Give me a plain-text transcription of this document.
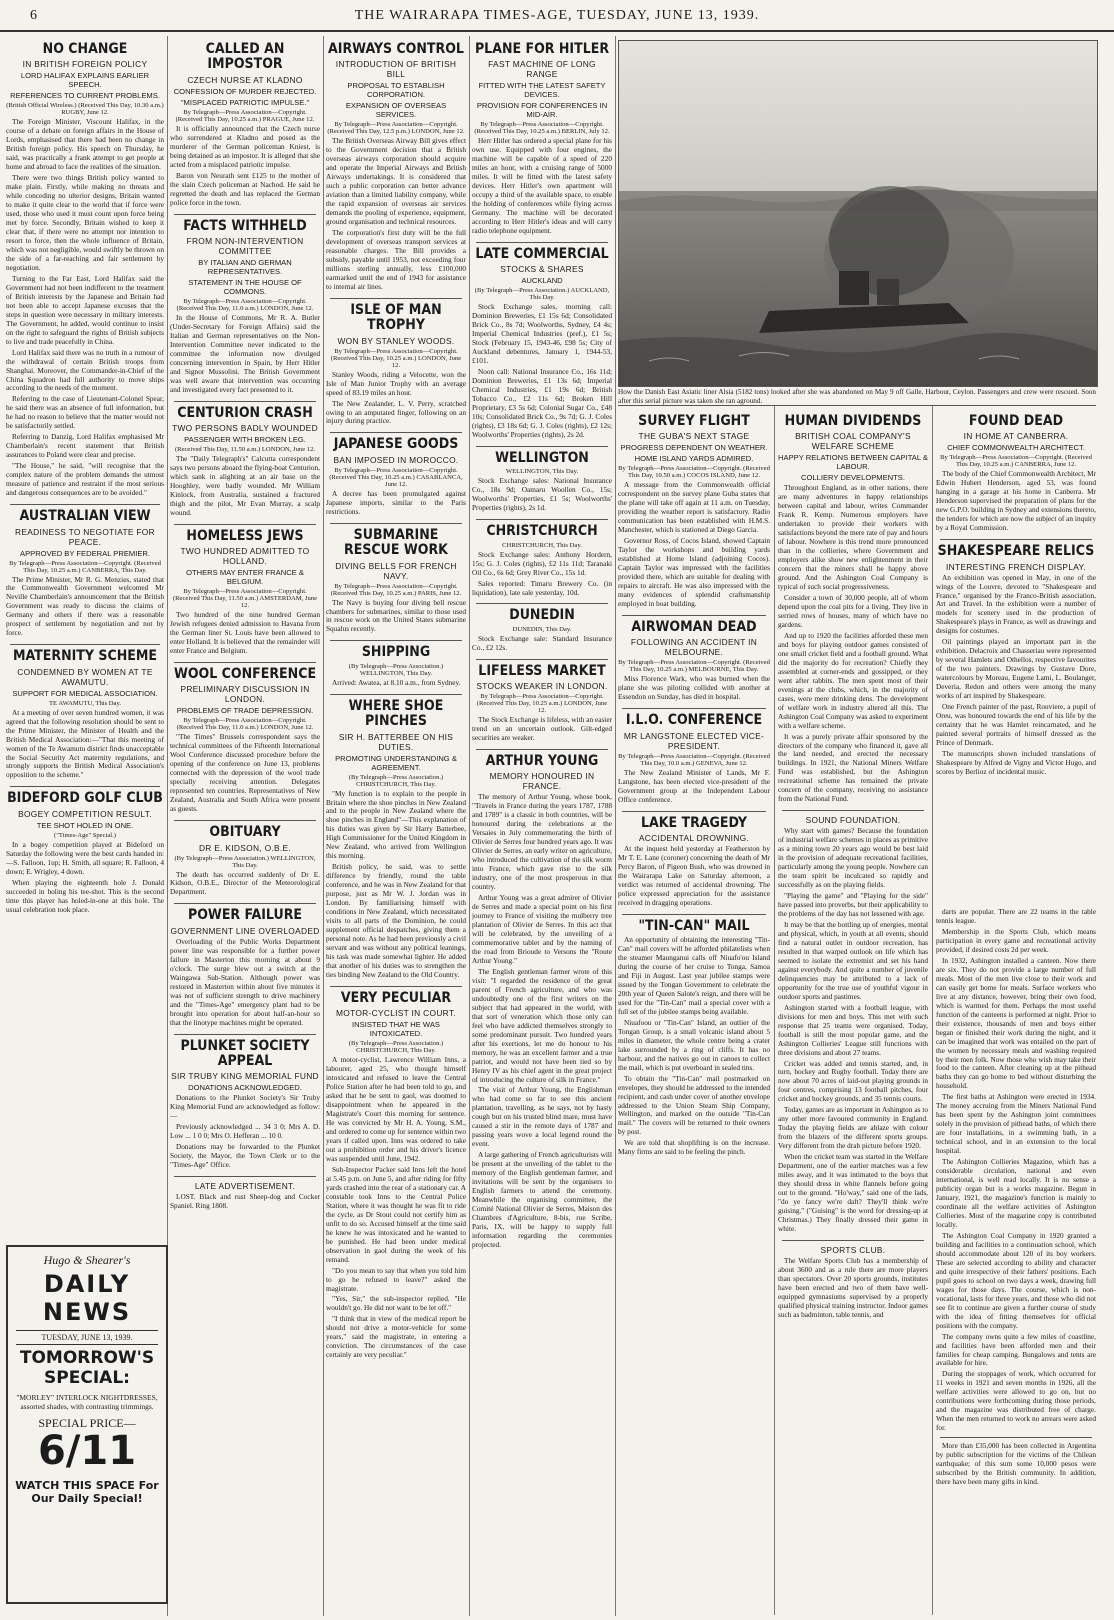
6	THE WAIRARAPA TIMES-AGE, TUESDAY, JUNE 13, 1939.
NO CHANGE
IN BRITISH FOREIGN POLICY
LORD HALIFAX EXPLAINS EARLIER SPEECH.
REFERENCES TO CURRENT PROBLEMS.
(British Official Wireless.) (Received This Day, 10.30 a.m.) RUGBY, June 12.

The Foreign Minister, Viscount Halifax, in the course of a debate on foreign affairs in the House of Lords, emphasised that there had been no change in British foreign policy. His speech on Thursday, he said, was practically a frank attempt to get people at home and abroad to face the realities of the situation.

There were two things British policy wanted to make plain. Firstly, while making no threats and while conceding no ulterior designs, Britain wanted to make it quite clear to the world that if force were used, those who used it must count upon force being met by force. Secondly, Britain wished to keep it clear that, if there were no attempt nor intention to resort to force, then the whole influence of Britain, which was not negligible, would swiftly be thrown on the side of a far-reaching and fair settlement by negotiation.

Turning to the Far East, Lord Halifax said the Government had not been indifferent to the treatment of British interests by the Japanese and Britain had not been able to accept Japanese excuses that the steps in question were necessary in military interests. The Government, he added, would continue to insist on the right to safeguard the rights of British subjects to live and trade peacefully in China.

Lord Halifax said there was no truth in a rumour of the withdrawal of certain British troops from Shanghai. Moreover, the Commander-in-Chief of the China Squadron had full authority to move ships according to the needs of the moment.

Referring to the case of Lieutenant-Colonel Spear, he said there was an absence of full information, but he had no reason to believe that the matter would not be satisfactorily settled.

Referring to Danzig, Lord Halifax emphasised Mr Chamberlain's recent statement that British assurances to Poland were clear and precise.

"The House," he said, "will recognise that the complex nature of the problem demands the utmost measure of patience and restraint if the most serious and dangerous consequences are to be avoided."

AUSTRALIAN VIEW
READINESS TO NEGOTIATE FOR PEACE.
APPROVED BY FEDERAL PREMIER.
By Telegraph—Press Association—Copyright. (Received This Day, 10.25 a.m.) CANBERRA, This Day.

The Prime Minister, Mr R. G. Menzies, stated that the Commonwealth Government welcomed Mr Neville Chamberlain's announcement that the British Government was ready to discuss the claims of Germany and others if there was a reasonable prospect of settlement by negotiation and not by force.

MATERNITY SCHEME
CONDEMNED BY WOMEN AT TE AWAMUTU.
SUPPORT FOR MEDICAL ASSOCIATION.
TE AWAMUTU, This Day.

At a meeting of over seven hundred women, it was agreed that the following resolution should be sent to the Prime Minister, the Minister of Health and the British Medical Association:—"That this meeting of women of the Te Awamutu district finds unacceptable the Social Security Act maternity regulations, and strongly supports the British Medical Association's opposition to the scheme."

BIDEFORD GOLF CLUB
BOGEY COMPETITION RESULT.
TEE SHOT HOLED IN ONE.
("Times-Age" Special.)

In a bogey competition played at Bideford on Saturday the following were the best cards handed in:—S. Falloon, 1up; H. Smith, all square; R. Falloon, 4 down; E. Wrigley, 4 down.

When playing the eighteenth hole J. Donald succeeded in holing his tee-shot. This is the second time this player has holed-in-one at this hole. The usual celebration took place.

CALLED AN IMPOSTOR
CZECH NURSE AT KLADNO
CONFESSION OF MURDER REJECTED.
"MISPLACED PATRIOTIC IMPULSE."
By Telegraph—Press Association—Copyright. (Received This Day, 10.25 a.m.) PRAGUE, June 12.

It is officially announced that the Czech nurse who surrendered at Kladno and posed as the murderer of the German policeman Kniest, is being detained as an impostor. It is alleged that she acted from a misplaced patriotic impulse.

Baron von Neurath sent £125 to the mother of the slain Czech policeman at Nachod. He said he regretted the death and has replaced the German police force in the town.

FACTS WITHHELD
FROM NON-INTERVENTION COMMITTEE
BY ITALIAN AND GERMAN REPRESENTATIVES.
STATEMENT IN THE HOUSE OF COMMONS.
By Telegraph—Press Association—Copyright. (Received This Day, 11.0 a.m.) LONDON, June 12.

In the House of Commons, Mr R. A. Butler (Under-Secretary for Foreign Affairs) said the Italian and German representatives on the Non-Intervention Committee never indicated to the committee the information now divulged concerning intervention in Spain, by Herr Hitler and Signor Mussolini. The British Government was well aware that intervention was occurring and investigated every fact presented to it.

CENTURION CRASH
TWO PERSONS BADLY WOUNDED
PASSENGER WITH BROKEN LEG.
(Received This Day, 11.50 a.m.) LONDON, June 12.

The "Daily Telegraph's" Calcutta correspondent says two persons aboard the flying-boat Centurion, which sank in alighting at an air base on the Hooghley, were badly wounded. Mr William Kinlock, from Australia, sustained a fractured thigh and the pilot, Mr Evan Murray, a scalp wound.

HOMELESS JEWS
TWO HUNDRED ADMITTED TO HOLLAND.
OTHERS MAY ENTER FRANCE & BELGIUM.
By Telegraph—Press Association—Copyright. (Received This Day, 11.50 a.m.) AMSTERDAM, June 12.

Two hundred of the nine hundred German Jewish refugees denied admission to Havana from the German liner St. Louis have been allowed to enter Holland. It is believed that the remainder will enter France and Belgium.

WOOL CONFERENCE
PRELIMINARY DISCUSSION IN LONDON.
PROBLEMS OF TRADE DEPRESSION.
By Telegraph—Press Association—Copyright. (Received This Day, 11.0 a.m.) LONDON, June 12.

"The Times" Brussels correspondent says the technical committees of the Fifteenth International Wool Conference discussed procedure before the opening of the conference on June 13, problems connected with the depression of the wool trade specially receiving attention. Delegates represented ten countries. Representatives of New Zealand, Australia and South Africa were present as guests.

OBITUARY
DR E. KIDSON, O.B.E.
(By Telegraph—Press Association.) WELLINGTON, This Day.

The death has occurred suddenly of Dr E. Kidson, O.B.E., Director of the Meteorological Department.

POWER FAILURE
GOVERNMENT LINE OVERLOADED

Overloading of the Public Works Department power line was responsible for a further power failure in Masterton this morning at about 9 o'clock. The surge blew out a switch at the Waingawa Sub-Station. Although power was restored in Masterton within about five minutes it was not of sufficient strength to drive machinery and the "Times-Age" emergency plant had to be brought into operation for about half-an-hour so that the linotype machines might be operated.

PLUNKET SOCIETY APPEAL
SIR TRUBY KING MEMORIAL FUND
DONATIONS ACKNOWLEDGED.

Donations to the Plunket Society's Sir Truby King Memorial Fund are acknowledged as follow:—

Previously acknowledged ... 34 3 0; Mrs A. D. Low ... 1 0 0; Mrs O. Hefferan ... 10 0.

Donations may be forwarded to the Plunket Society, the Mayor, the Town Clerk or to the "Times-Age" Office.

LATE ADVERTISEMENT.

LOST. Black and rust Sheep-dog and Cocker Spaniel. Ring 1808.

AIRWAYS CONTROL
INTRODUCTION OF BRITISH BILL
PROPOSAL TO ESTABLISH CORPORATION.
EXPANSION OF OVERSEAS SERVICES.
By Telegraph—Press Association—Copyright. (Received This Day, 12.5 p.m.) LONDON, June 12.

The British Overseas Airway Bill gives effect to the Government decision that a British overseas airways corporation should acquire and operate the Imperial Airways and British Airways undertakings. It is considered that such a public corporation can better advance aviation than a limited liability company, while the rapid expansion of overseas air services demands the pooling of experience, equipment, ground organisation and technical resources.

The corporation's first duty will be the full development of overseas transport services at reasonable charges. The Bill provides a subsidy, payable until 1953, not exceeding four millions sterling annually, less £100,000 earmarked until the end of 1943 for assistance to internal air lines.

ISLE OF MAN TROPHY
WON BY STANLEY WOODS.
By Telegraph—Press Association—Copyright. (Received This Day, 10.25 a.m.) LONDON, June 12.

Stanley Woods, riding a Velocette, won the Isle of Man Junior Trophy with an average speed of 83.19 miles an hour.

The New Zealander, L. V. Perry, scratched owing to an amputated finger, following on an injury during practice.

JAPANESE GOODS
BAN IMPOSED IN MOROCCO.
By Telegraph—Press Association—Copyright. (Received This Day, 10.25 a.m.) CASABLANCA, June 12.

A decree has been promulgated against Japanese imports, similar to the Paris restrictions.

SUBMARINE RESCUE WORK
DIVING BELLS FOR FRENCH NAVY.
By Telegraph—Press Association—Copyright. (Received This Day, 10.25 a.m.) PARIS, June 12.

The Navy is buying four diving bell rescue chambers for submarines, similar to those used in rescue work on the United States submarine Squalus recently.

SHIPPING
(By Telegraph—Press Association.) WELLINGTON, This Day.

Arrived: Awatea, at 8.10 a.m., from Sydney.

WHERE SHOE PINCHES
SIR H. BATTERBEE ON HIS DUTIES.
PROMOTING UNDERSTANDING & AGREEMENT.
(By Telegraph—Press Association.) CHRISTCHURCH, This Day.

"My function is to explain to the people in Britain where the shoe pinches in New Zealand and to the people in New Zealand where the shoe pinches in England"—This explanation of his duties was given by Sir Harry Batterbee, High Commissioner for the United Kingdom in New Zealand, who arrived from Wellington this morning.

British policy, he said, was to settle difference by friendly, round the table conference, and he was in New Zealand for that purpose, just as Mr W. J. Jordan was in London. By familiarising himself with conditions in New Zealand, which necessitated visits to all parts of the Dominion, he could supplement official despatches, giving them a personal note. As he had been previously a civil servant and was without any political leanings, his task was made somewhat lighter. He added that another of his duties was to strengthen the ties binding New Zealand to the Old Country.

VERY PECULIAR
MOTOR-CYCLIST IN COURT.
INSISTED THAT HE WAS INTOXICATED.
(By Telegraph—Press Association.) CHRISTCHURCH, This Day.

A motor-cyclist, Lawrence William Inns, a labourer, aged 25, who thought himself intoxicated and refused to leave the Central Police Station after he had been told to go, and asked that he be sent to gaol, was doomed to disappointment when he appeared in the Magistrate's Court this morning for sentence. He was convicted by Mr H. A. Young, S.M., and ordered to come up for sentence within two years if called upon. Inns was ordered to take out a prohibition order and his driver's licence was suspended until June, 1942.

Sub-Inspector Packer said Inns left the hotel at 5.45 p.m. on June 5, and after riding for fifty yards crashed into the rear of a stationary car. A constable took Inns to the Central Police Station, where it was thought he was fit to ride the cycle, as Dr Stout could not certify him as unfit to do so. Accused himself at the time said he knew he was intoxicated and he wanted to be punished. He had been under medical observation in gaol during the week of his remand.

"Do you mean to say that when you told him to go he refused to leave?" asked the magistrate.

"Yes, Sir," the sub-inspector replied. "He wouldn't go. He did not want to be let off."

"I think that in view of the medical report he should not drive a motor-vehicle for some years," said the magistrate, in entering a conviction. The circumstances of the case certainly are very peculiar."

PLANE FOR HITLER
FAST MACHINE OF LONG RANGE
FITTED WITH THE LATEST SAFETY DEVICES.
PROVISION FOR CONFERENCES IN MID-AIR.
By Telegraph—Press Association—Copyright. (Received This Day, 10.25 a.m.) BERLIN, July 12.

Herr Hitler has ordered a special plane for his own use. Equipped with four engines, the machine will be capable of a speed of 220 miles an hour, with a cruising range of 5000 miles. It will be fitted with the latest safety devices. Herr Hitler's own apartment will occupy a third of the available space, to enable the holding of conferences while flying across Germany. The machine will be decorated according to Herr Hitler's ideas and will carry radio telephone equipment.

LATE COMMERCIAL
STOCKS & SHARES
AUCKLAND
(By Telegraph—Press Association.) AUCKLAND, This Day.

Stock Exchange sales, morning call: Dominion Breweries, £1 15s 6d; Consolidated Brick Co., 8s 7d; Woolworths, Sydney, £4 4s; Imperial Chemical Industries (pref.), £1 5s; Stock (February 15, 1943-46, £98 5s; City of Auckland debentures, January 1, 1944-53, £101.

Noon call: National Insurance Co., 16s 11d; Dominion Breweries, £1 13s 6d; Imperial Chemical Industries, £1 19s 6d; British Tobacco Co., £2 11s 6d; Broken Hill Proprietary, £3 5s 6d; Colonial Sugar Co., £48 10s; Consolidated Brick Co., 9s 7d; G. J. Coles (rights), £3 18s 6d; G. J. Coles (rights), £2 12s; Woolworths' Properties (rights), 2s 2d.

WELLINGTON
WELLINGTON, This Day.

Stock Exchange sales: National Insurance Co., 18s 9d; Oamaru Woollen Co., 15s; Woolworths' Properties, £1 5s; Woolworths' Properties (rights), 2s 1d.

CHRISTCHURCH
CHRISTCHURCH, This Day.

Stock Exchange sales: Anthony Hordern, 15s; G. J. Coles (rights), £2 11s 11d; Taranaki Oil Co., 6s 6d; Grey River Co., 15s 1d.

Sales reported: Timaru Brewery Co. (in liquidation), late sale yesterday, 10d.

DUNEDIN
DUNEDIN, This Day.

Stock Exchange sale: Standard Insurance Co., £2 12s.

LIFELESS MARKET
STOCKS WEAKER IN LONDON.
By Telegraph—Press Association—Copyright. (Received This Day, 10.25 a.m.) LONDON, June 12.

The Stock Exchange is lifeless, with an easier trend on an uncertain outlook. Gilt-edged securities are weaker.

ARTHUR YOUNG
MEMORY HONOURED IN FRANCE.

The memory of Arthur Young, whose book, "Travels in France during the years 1787, 1788 and 1789" is a classic in both countries, will be honoured during the celebrations at the Versaies in July commemorating the birth of Olivier de Serres four hundred years ago. It was Olivier de Serres, an early writer on agriculture, who introduced the cultivation of the silk worm into France, which gave rise to the silk industry, one of the most prosperous in that country.

Arthur Young was a great admirer of Olivier de Serres and made a special point on his first journey to France of visiting the mulberry tree plantation of Olivier de Serres. In this act that will be celebrated, by the unveiling of a commemorative tablet and by the naming of the road from Brioude to Versons the "Route Arthur Young."

The English gentleman farmer wrote of this visit: "I regarded the residence of the great parent of French agriculture, and who was undoubtedly one of the first writers on the subject that had appeared in the world, with that sort of veneration which those only can feel who have addicted themselves strongly to some predominant pursuit. Two hundred years after his exertions, let me do honour to his memory, he was an excellent farmer and a true patriot, and would not have been tied so by Henry IV as his chief agent in the great project of introducing the culture of silk in France."

The visit of Arthur Young, the Englishman who had come so far to see this ancient plantation, travelling, as he says, not by hasty cough but on his trusted blind mare, must have caused a stir in the remote days of 1787 and passing years wove a local legend round the event.

A large gathering of French agriculturists will be present at the unveiling of the tablet to the memory of the English gentleman farmer, and invitations will be sent by the organisers to English farmers to attend the ceremony. Meanwhile the organising committee, the Comité National Olivier de Serres, Maison des Chambres d'Agriculture, 8-bis, rue Scribe, Paris, IX, will be happy to supply full information regarding the ceremonies projected.

SURVEY FLIGHT
THE GUBA'S NEXT STAGE
PROGRESS DEPENDENT ON WEATHER.
HOME ISLAND YARDS ADMIRED.
By Telegraph—Press Association—Copyright. (Received This Day, 10.50 a.m.) COCOS ISLAND, June 12.

A message from the Commonwealth official correspondent on the survey plane Guba states that the plane will take off again at 11 a.m. on Tuesday, providing the weather report is satisfactory. Radio communication has been established with H.M.S. Manchester, which is stationed at Diego Garcia.

Governor Ross, of Cocos Island, showed Captain Taylor the workshops and building yards established at Home Island (adjoining Cocos). Captain Taylor was impressed with the facilities provided there, which are suitable for dealing with repairs to aircraft. He was also impressed with the many evidences of splendid craftsmanship employed in boat building.

AIRWOMAN DEAD
FOLLOWING AN ACCIDENT IN MELBOURNE.
By Telegraph—Press Association—Copyright. (Received This Day, 10.25 a.m.) MELBOURNE, This Day.

Miss Florence Wark, who was burned when the plane she was piloting collided with another at Essendon on Sunday, has died in hospital.

I.L.O. CONFERENCE
MR LANGSTONE ELECTED VICE-PRESIDENT.
By Telegraph—Press Association—Copyright. (Received This Day, 10.0 a.m.) GENEVA, June 12.

The New Zealand Minister of Lands, Mr F. Langstone, has been elected vice-president of the Government group at the Independent Labour Office conference.

LAKE TRAGEDY
ACCIDENTAL DROWNING.

At the inquest held yesterday at Featherston by Mr T. E. Lane (coroner) concerning the death of Mr Percy Baron, of Pigeon Bush, who was drowned in the Wairarapa Lake on Saturday afternoon, a verdict was returned of accidental drowning. The police expressed appreciation for the assistance received in dragging operations.

"TIN-CAN" MAIL

An opportunity of obtaining the interesting "Tin-Can" mail covers will be afforded philatelists when the steamer Maunganui calls off Niuafo'ou Island during the course of her cruise to Tonga, Samoa and Fiji in August. Last year jubilee stamps were issued by the Tongan Government to celebrate the 20th year of Queen Salote's reign, and there will be used for the "Tin-Can" mail a special cover with a full set of the jubilee stamps being available.

Niuafoou or "Tin-Can" Island, an outlier of the Tongan Group, is a small volcanic island about 5 miles in diameter, the whole centre being a crater lake surrounded by a ring of cliffs. It has no harbour, and the natives go out in canoes to collect the mail, which is put overboard in sealed tins.

To obtain the "Tin-Can" mail postmarked on envelopes, they should be addressed to the intended recipient, and cash under cover of another envelope addressed to the Union Steam Ship Company, Wellington, and marked on the outside "Tin-Can mail." The covers will be returned to their owners by post.

We are told that shoplifting is on the increase. Many firms are said to be feeling the pinch.

HUMAN DIVIDENDS
BRITISH COAL COMPANY'S WELFARE SCHEME
HAPPY RELATIONS BETWEEN CAPITAL & LABOUR.
COLLIERY DEVELOPMENTS.

Throughout England, as in other nations, there are many adventures in happy relationships between capital and labour, writes Commander Frank R. Kemp. Numerous employers have undertaken to provide their workers with satisfactions beyond the mere rate of pay and hours of labour. Nowhere is this trend more pronounced than in the collieries, where Government and employers alike show new enlightenment in their concern that the miners shall be happy above ground. And the Ashington Coal Company is typical of such social progressiveness.

Consider a town of 30,000 people, all of whom depend upon the coal pits for a living. They live in serried rows of houses, many of which have no gardens.

And up to 1920 the facilities afforded these men and boys for playing outdoor games consisted of one small cricket field and a football ground. What did the majority do for recreation? Chiefly they assembled at corner-ends and gossipped, or they went after rabbits. The men spent most of their evenings at the clubs, which, in the majority of cases, were mere drinking dens. The development of welfare work in industry altered all this. The Ashington Coal Company was asked to experiment with a welfare scheme.

It was a purely private affair sponsored by the directors of the company who financed it, gave all the land needed, and erected the necessary buildings. In 1921, the National Miners Welfare Fund was established, but the Ashington recreational scheme has remained the private concern of the company, receiving no assistance from the National Fund.

SOUND FOUNDATION.

Why start with games? Because the foundation of industrial welfare schemes in places as primitive as a mining town 20 years ago would be best laid in the provision of adequate recreational facilities, particularly among the young people. Nowhere can the team spirit be inculcated so rapidly and successfully as on the playing fields.

"Playing the game" and "Playing for the side" have passed into proverbs, but their applicability to the problems of the day has not lessened with age.

It may be that the bottling up of energies, mental and physical, which, in youth at all events, should find a natural outlet in outdoor recreation, has resulted in that warped outlook on life which has seemed to isolate the extremist and set his hand against everybody. And quite a number of juvenile delinquencies may be attributed to a lack of opportunity for the true use of youthful vigour in outdoor sports and pastimes.

Ashington started with a football league, with divisions for men and boys. This met with such response that 25 teams were organised. Today, football is still the most popular game, and the Ashington Collieries' League still functions with three divisions and about 27 teams.

Cricket was added and tennis started, and, in turn, hockey and Rugby football. Today there are now about 70 acres of laid-out playing grounds in four centres, comprising 13 football pitches, four cricket and hockey grounds, and 35 tennis courts.

Today, games are as important in Ashington as to any other more favoured community in England. Today the playing fields are ablaze with colour from the blazers of the different sports groups. Very different from the drab picture before 1920.

When the cricket team was started in the Welfare Department, one of the earlier matches was a few miles away, and it was intimated to the boys that they should dress in white flannels before going out to the ground. "Ho'way," said one of the lads, "do ye fancy we're daft? They'll think we're guising." ("Guising" is the word for dressing-up at Christmas.) They finally dressed their game in white.

SPORTS CLUB.

The Welfare Sports Club has a membership of about 3600 and as a rule there are more players than spectators. Over 20 sports grounds, institutes have been erected and two of them have well-equipped gymnasiums supervised by a properly qualified physical training instructor. Indoor games such as badminton, table tennis, and

FOUND DEAD
IN HOME AT CANBERRA.
CHIEF COMMONWEALTH ARCHITECT.
By Telegraph—Press Association—Copyright. (Received This Day, 10.25 a.m.) CANBERRA, June 12.

The body of the Chief Commonwealth Architect, Mr Edwin Hubert Henderson, aged 53, was found hanging in a garage at his home in Canberra. Mr Henderson supervised the preparation of plans for the new G.P.O. building in Sydney and extensions thereto, the tenders for which are now the subject of an inquiry by a Royal Commission.

SHAKESPEARE RELICS
INTERESTING FRENCH DISPLAY.

An exhibition was opened in May, in one of the wings of the Louvre, devoted to "Shakespeare and France," organised by the Franco-British association, Art and Travel. In the exhibition were a number of models for scenery used in the production of Shakespeare's plays in France, as well as drawings and designs for costumes.

Oil paintings played an important part in the exhibition. Delacroix and Chasseriau were represented by several Hamlets and Othellos, respective favourites of the two painters. Drawings by Gustave Dore, watercolours by Moreau, Eugene Lami, L. Boulanger, Deveria, Redon and others were among the many works of art inspired by Shakespeare.

One French painter of the past, Rouviere, a pupil of Oreu, was honoured towards the end of his life by the certainty that he was Hamlet reincarnated, and he painted several portraits of himself dressed as the Prince of Denmark.

The manuscripts shown included translations of Shakespeare by Alfred de Vigny and Victor Hugo, and scores by Berlioz of incidental music.

darts are popular. There are 22 teams in the table tennis league.

Membership in the Sports Club, which means participation in every game and recreational activity provided, if desired costs 2d per week.

In 1932, Ashington installed a canteen. Now there are six. They do not provide a large number of full meals. Most of the men live close to their work and can easily get home for meals. Surface workers who live at any distance, however, bring their own food, which is warmed for them. Perhaps the most useful function of the canteens is performed at night. Prior to their existence, thousands of men and boys either began or finished their work during the night, and it can be imagined that work was entailed on the part of the women by necessary meals and washing required by their men folk. Now those who wish may take their food to the canteen. After cleaning up at the pithead baths they can go home to bed without disturbing the household.

The first baths at Ashington were erected in 1934. The money accruing from the Miners National Fund has been spent by the Ashington joint committees solely in the provision of pithead baths, of which there are four installations, in a swimming bath, in a technical school, and in an extension to the local hospital.

The Ashington Collieries Magazine, which has a considerable circulation, national and even international, is well read locally. It is no sense a publicity organ but is a works magazine. Begun in January, 1921, the magazine's function is mainly to coordinate all the welfare activities of Ashington Collieries. Most of the magazine copy is contributed locally.

The Ashington Coal Company in 1920 granted a building and facilities to a continuation school, which should accommodate about 120 of its boy workers. These are selected according to ability and character and quite irrespective of their fathers' positions. Each pupil goes to school on two days a week, drawing full wages for those days. The course, which is non-vocational, lasts for three years, and those who did not see fit to continue are given a further course of study with the idea of fitting themselves for official positions with the company.

The company owns quite a few miles of coastline, and facilities have been afforded men and their families for cheap camping. Bungalows and tents are available for hire.

During the stoppages of work, which occurred for 11 weeks in 1921 and seven months in 1926, all the welfare activities were allowed to go on, but no contributions were forthcoming during those periods, and the magazine was distributed free of charge. When the men returned to work no arrears were asked for.

More than £35,000 has been collected in Argentina by public subscription for the victims of the Chilean earthquake; of this sum some 10,000 pesos were subscribed by the British community. In addition, there have been many gifts in kind.

How the Danish East Asiatic liner Alsia (5182 tons) looked after she was abandoned on May 9 off Galle, Harbour, Ceylon. Passengers and crew were rescued. Soon after this serial picture was taken she ran aground.
Hugo & Shearer's
DAILY NEWS
TUESDAY, JUNE 13, 1939.
TOMORROW'S SPECIAL:
"MORLEY" INTERLOCK NIGHTDRESSES, assorted shades, with contrasting trimmings.
SPECIAL PRICE—
6/11
WATCH THIS SPACE For Our Daily Special!
